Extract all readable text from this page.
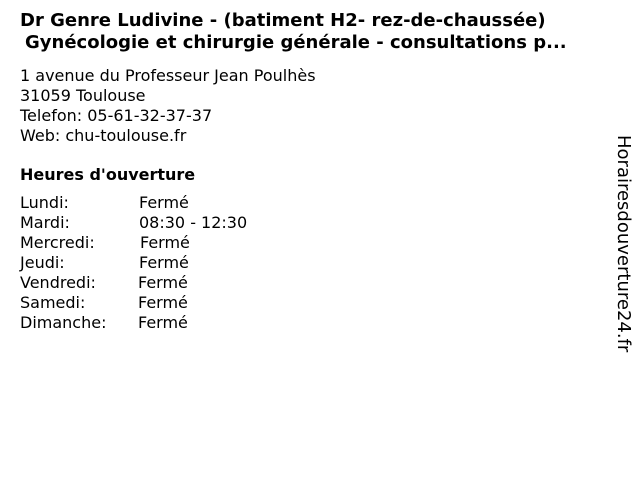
Dr Genre Ludivine - (batiment H2- rez-de-chaussée)
Gynécologie et chirurgie générale - consultations p...
1 avenue du Professeur Jean Poulhès
31059 Toulouse
Telefon: 05-61-32-37-37
Web: chu-toulouse.fr
Heures d'ouverture
Lundi:	Fermé
Mardi:	08:30 - 12:30
Mercredi:	Fermé
Jeudi:	Fermé
Vendredi:	Fermé
Samedi:	Fermé
Dimanche: Fermé	Horairesdouverture24.fr
